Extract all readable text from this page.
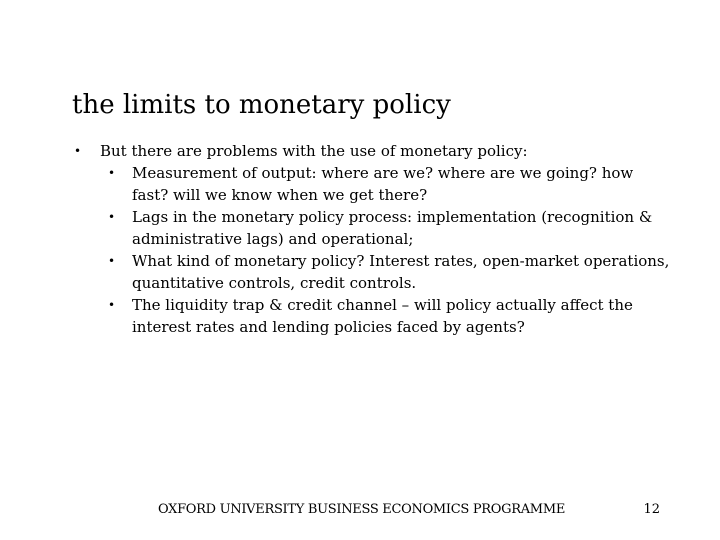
the limits to monetary policy
• But there are problems with the use of monetary policy:
• Measurement of output: where are we? where are we going? how fast? will we know when we get there?
• Lags in the monetary policy process: implementation (recognition & administrative lags) and operational;
• What kind of monetary policy? Interest rates, open-market operations, quantitative controls, credit controls.
• The liquidity trap & credit channel – will policy actually affect the interest rates and lending policies faced by agents?
OXFORD UNIVERSITY BUSINESS ECONOMICS PROGRAMME	12
